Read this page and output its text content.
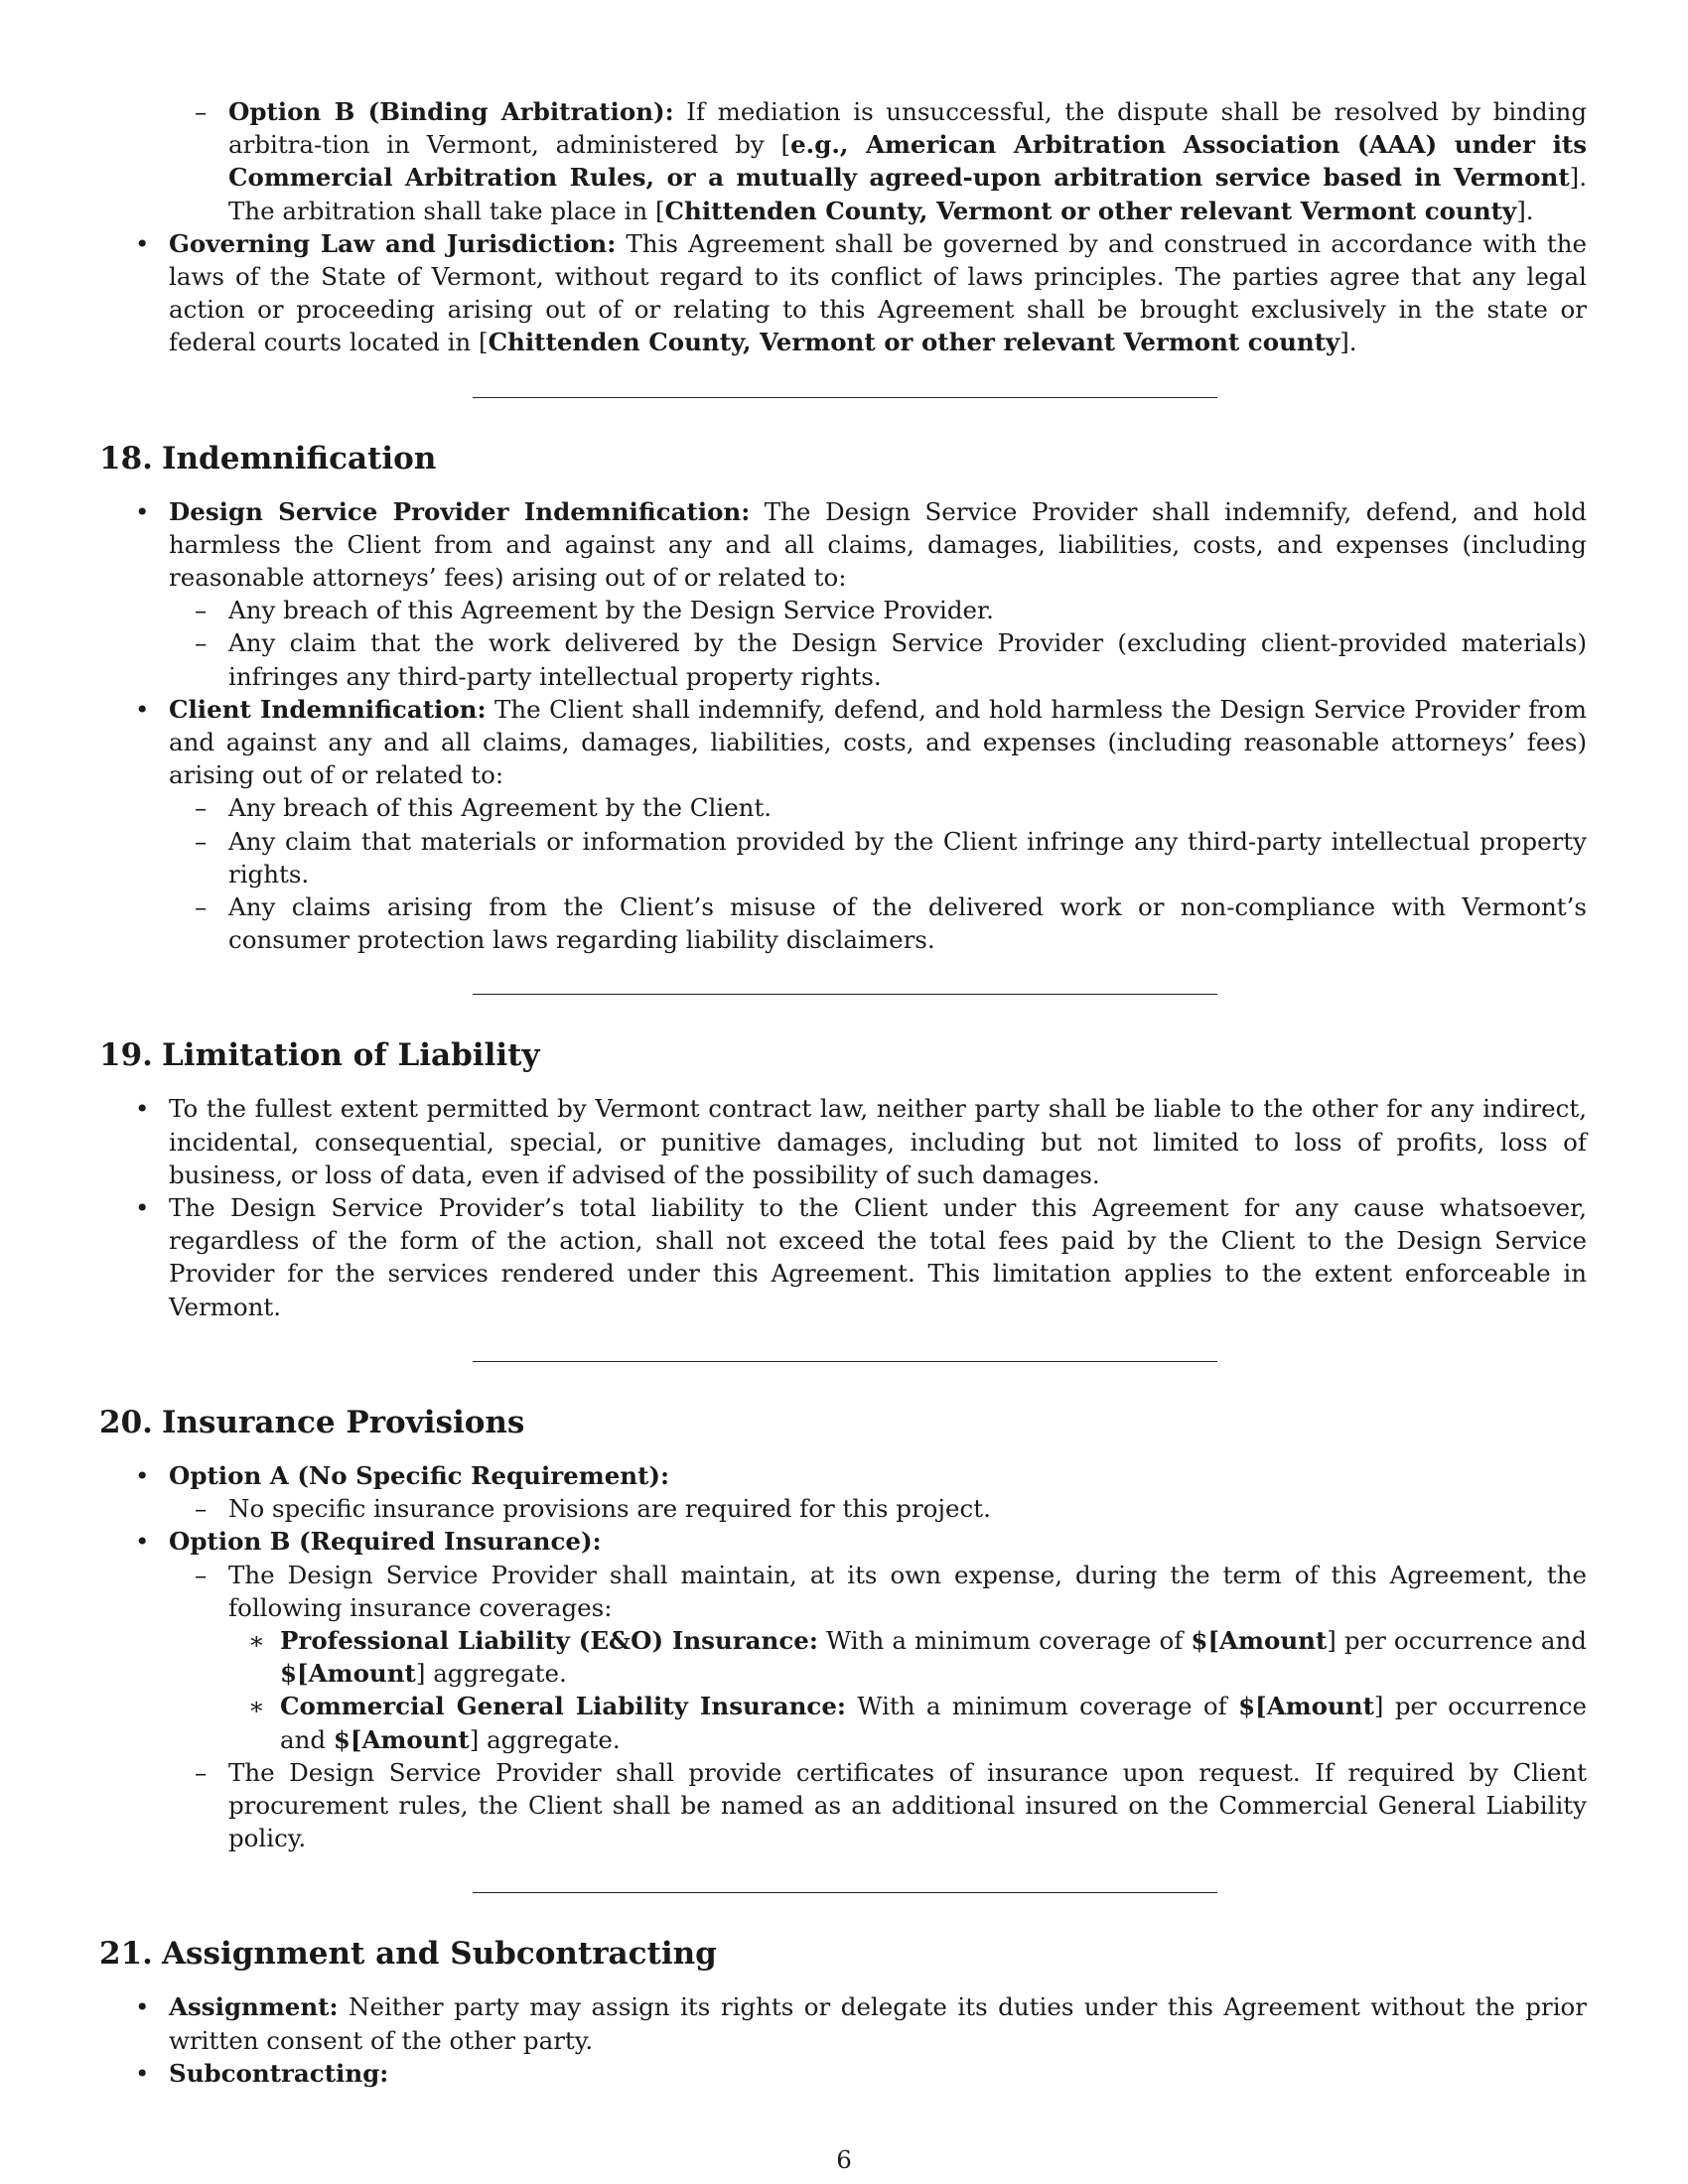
– Option B (Binding Arbitration): If mediation is unsuccessful, the dispute shall be resolved by binding arbitra-tion in Vermont, administered by [e.g., American Arbitration Association (AAA) under its Commercial Arbitration Rules, or a mutually agreed-upon arbitration service based in Vermont]. The arbitration shall take place in [Chittenden County, Vermont or other relevant Vermont county].
• Governing Law and Jurisdiction: This Agreement shall be governed by and construed in accordance with the laws of the State of Vermont, without regard to its conflict of laws principles. The parties agree that any legal action or proceeding arising out of or relating to this Agreement shall be brought exclusively in the state or federal courts located in [Chittenden County, Vermont or other relevant Vermont county].
18. Indemnification
• Design Service Provider Indemnification: The Design Service Provider shall indemnify, defend, and hold harmless the Client from and against any and all claims, damages, liabilities, costs, and expenses (including reasonable attorneys’ fees) arising out of or related to:
– Any breach of this Agreement by the Design Service Provider.
– Any claim that the work delivered by the Design Service Provider (excluding client-provided materials) infringes any third-party intellectual property rights.
• Client Indemnification: The Client shall indemnify, defend, and hold harmless the Design Service Provider from and against any and all claims, damages, liabilities, costs, and expenses (including reasonable attorneys’ fees) arising out of or related to:
– Any breach of this Agreement by the Client.
– Any claim that materials or information provided by the Client infringe any third-party intellectual property rights.
– Any claims arising from the Client’s misuse of the delivered work or non-compliance with Vermont’s consumer protection laws regarding liability disclaimers.
19. Limitation of Liability
• To the fullest extent permitted by Vermont contract law, neither party shall be liable to the other for any indirect, incidental, consequential, special, or punitive damages, including but not limited to loss of profits, loss of business, or loss of data, even if advised of the possibility of such damages.
• The Design Service Provider’s total liability to the Client under this Agreement for any cause whatsoever, regardless of the form of the action, shall not exceed the total fees paid by the Client to the Design Service Provider for the services rendered under this Agreement. This limitation applies to the extent enforceable in Vermont.
20. Insurance Provisions
• Option A (No Specific Requirement):
– No specific insurance provisions are required for this project.
• Option B (Required Insurance):
– The Design Service Provider shall maintain, at its own expense, during the term of this Agreement, the following insurance coverages:
∗ Professional Liability (E&O) Insurance: With a minimum coverage of $[Amount] per occurrence and $[Amount] aggregate.
∗ Commercial General Liability Insurance: With a minimum coverage of $[Amount] per occurrence and $[Amount] aggregate.
– The Design Service Provider shall provide certificates of insurance upon request. If required by Client procurement rules, the Client shall be named as an additional insured on the Commercial General Liability policy.
21. Assignment and Subcontracting
• Assignment: Neither party may assign its rights or delegate its duties under this Agreement without the prior written consent of the other party.
• Subcontracting:
6
